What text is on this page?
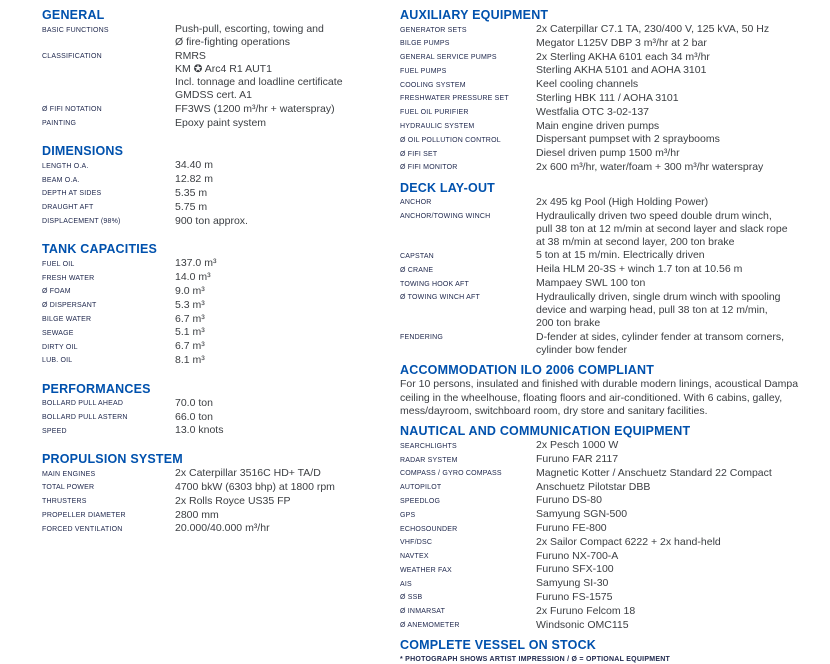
GENERAL
BASIC FUNCTIONS	Push-pull, escorting, towing and
Ø fire-fighting operations
CLASSIFICATION	RMRS
KM ✪ Arc4 R1 AUT1
Incl. tonnage and loadline certificate
GMDSS cert. A1
Ø FIFI NOTATION	FF3WS (1200 m³/hr + waterspray)
PAINTING	Epoxy paint system
DIMENSIONS
LENGTH O.A.	34.40 m
BEAM O.A.	12.82 m
DEPTH AT SIDES	5.35 m
DRAUGHT AFT	5.75 m
DISPLACEMENT (98%)	900 ton approx.
TANK CAPACITIES
FUEL OIL	137.0 m³
FRESH WATER	14.0 m³
Ø FOAM	9.0 m³
Ø DISPERSANT	5.3 m³
BILGE WATER	6.7 m³
SEWAGE	5.1 m³
DIRTY OIL	6.7 m³
LUB. OIL	8.1 m³
PERFORMANCES
BOLLARD PULL AHEAD	70.0 ton
BOLLARD PULL ASTERN	66.0 ton
SPEED	13.0 knots
PROPULSION SYSTEM
MAIN ENGINES	2x Caterpillar 3516C HD+ TA/D
TOTAL POWER	4700 bkW (6303 bhp) at 1800 rpm
THRUSTERS	2x Rolls Royce US35 FP
PROPELLER DIAMETER	2800 mm
FORCED VENTILATION	20.000/40.000 m³/hr
AUXILIARY EQUIPMENT
GENERATOR SETS	2x Caterpillar C7.1 TA, 230/400 V, 125 kVA, 50 Hz
BILGE PUMPS	Megator L125V DBP 3 m³/hr at 2 bar
GENERAL SERVICE PUMPS	2x Sterling AKHA 6101 each 34 m³/hr
FUEL PUMPS	Sterling AKHA 5101 and AOHA 3101
COOLING SYSTEM	Keel cooling channels
FRESHWATER PRESSURE SET	Sterling HBK 111 / AOHA 3101
FUEL OIL PURIFIER	Westfalia OTC 3-02-137
HYDRAULIC SYSTEM	Main engine driven pumps
Ø OIL POLLUTION CONTROL	Dispersant pumpset with 2 spraybooms
Ø FIFI SET	Diesel driven pump 1500 m³/hr
Ø FIFI MONITOR	2x 600 m³/hr, water/foam + 300 m³/hr waterspray
DECK LAY-OUT
ANCHOR	2x 495 kg Pool (High Holding Power)
ANCHOR/TOWING WINCH	Hydraulically driven two speed double drum winch,
pull 38 ton at 12 m/min at second layer and slack rope
at 38 m/min at second layer, 200 ton brake
CAPSTAN	5 ton at 15 m/min. Electrically driven
Ø CRANE	Heila HLM 20-3S + winch 1.7 ton at 10.56 m
TOWING HOOK AFT	Mampaey SWL 100 ton
Ø TOWING WINCH AFT	Hydraulically driven, single drum winch with spooling
device and warping head, pull 38 ton at 12 m/min,
200 ton brake
FENDERING	D-fender at sides, cylinder fender at transom corners,
cylinder bow fender
ACCOMMODATION ILO 2006 COMPLIANT

For 10 persons, insulated and finished with durable modern linings, acoustical Dampa ceiling in the wheelhouse, floating floors and air-conditioned. With 6 cabins, galley, mess/dayroom, switchboard room, dry store and sanitary facilities.

NAUTICAL AND COMMUNICATION EQUIPMENT
SEARCHLIGHTS	2x Pesch 1000 W
RADAR SYSTEM	Furuno FAR 2117
COMPASS / GYRO COMPASS	Magnetic Kotter / Anschuetz Standard 22 Compact
AUTOPILOT	Anschuetz Pilotstar DBB
SPEEDLOG	Furuno DS-80
GPS	Samyung SGN-500
ECHOSOUNDER	Furuno FE-800
VHF/DSC	2x Sailor Compact 6222 + 2x hand-held
NAVTEX	Furuno NX-700-A
WEATHER FAX	Furuno SFX-100
AIS	Samyung SI-30
Ø SSB	Furuno FS-1575
Ø INMARSAT	2x Furuno Felcom 18
Ø ANEMOMETER	Windsonic OMC115
COMPLETE VESSEL ON STOCK
* PHOTOGRAPH SHOWS ARTIST IMPRESSION / Ø = OPTIONAL EQUIPMENT
